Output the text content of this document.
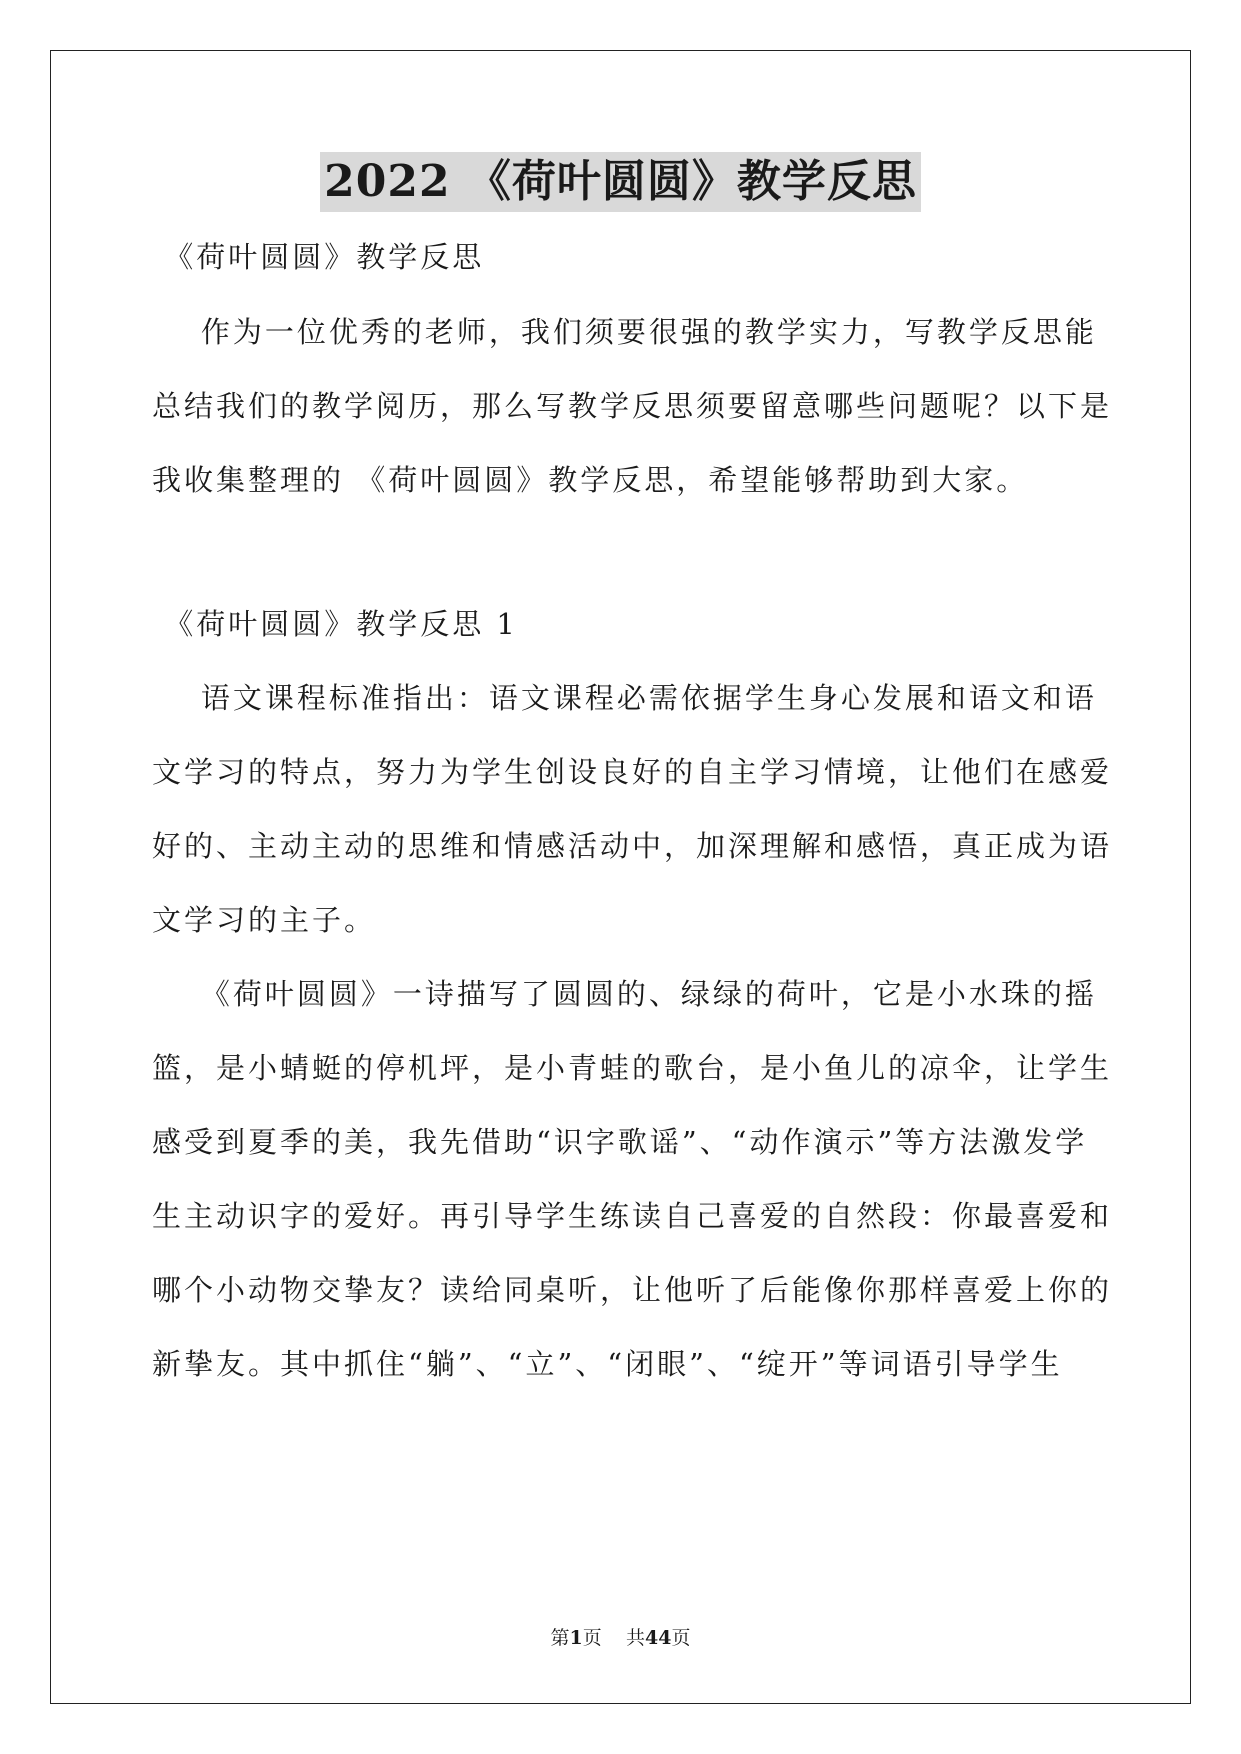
2022 《荷叶圆圆》教学反思
《荷叶圆圆》教学反思
作为一位优秀的老师，我们须要很强的教学实力，写教学反思能
总结我们的教学阅历，那么写教学反思须要留意哪些问题呢？以下是
我收集整理的 《荷叶圆圆》教学反思，希望能够帮助到大家。
《荷叶圆圆》教学反思 1
语文课程标准指出：语文课程必需依据学生身心发展和语文和语
文学习的特点，努力为学生创设良好的自主学习情境，让他们在感爱
好的、主动主动的思维和情感活动中，加深理解和感悟，真正成为语
文学习的主子。
《荷叶圆圆》一诗描写了圆圆的、绿绿的荷叶，它是小水珠的摇
篮，是小蜻蜓的停机坪，是小青蛙的歌台，是小鱼儿的凉伞，让学生
感受到夏季的美，我先借助“识字歌谣”、“动作演示”等方法激发学
生主动识字的爱好。再引导学生练读自己喜爱的自然段：你最喜爱和
哪个小动物交挚友？读给同桌听，让他听了后能像你那样喜爱上你的
新挚友。其中抓住“躺”、“立”、“闭眼”、“绽开”等词语引导学生
第1页 共44页
